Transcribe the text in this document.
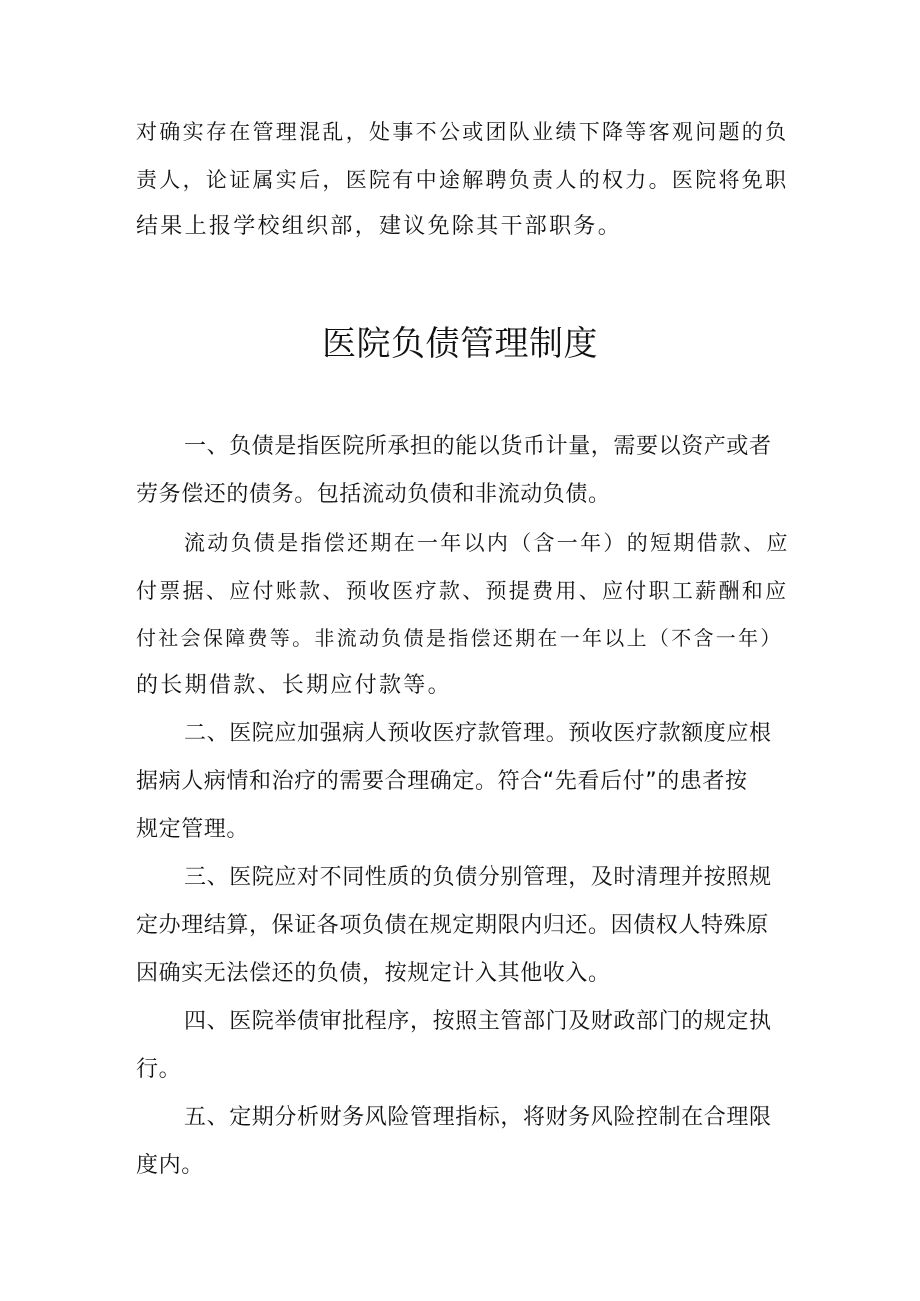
对确实存在管理混乱，处事不公或团队业绩下降等客观问题的负
责人，论证属实后，医院有中途解聘负责人的权力。医院将免职
结果上报学校组织部，建议免除其干部职务。
医院负债管理制度
一、负债是指医院所承担的能以货币计量，需要以资产或者
劳务偿还的债务。包括流动负债和非流动负债。
流动负债是指偿还期在一年以内（含一年）的短期借款、应
付票据、应付账款、预收医疗款、预提费用、应付职工薪酬和应
付社会保障费等。非流动负债是指偿还期在一年以上（不含一年）
的长期借款、长期应付款等。
二、医院应加强病人预收医疗款管理。预收医疗款额度应根
据病人病情和治疗的需要合理确定。符合“先看后付”的患者按
规定管理。
三、医院应对不同性质的负债分别管理，及时清理并按照规
定办理结算，保证各项负债在规定期限内归还。因债权人特殊原
因确实无法偿还的负债，按规定计入其他收入。
四、医院举债审批程序，按照主管部门及财政部门的规定执
行。
五、定期分析财务风险管理指标，将财务风险控制在合理限
度内。
